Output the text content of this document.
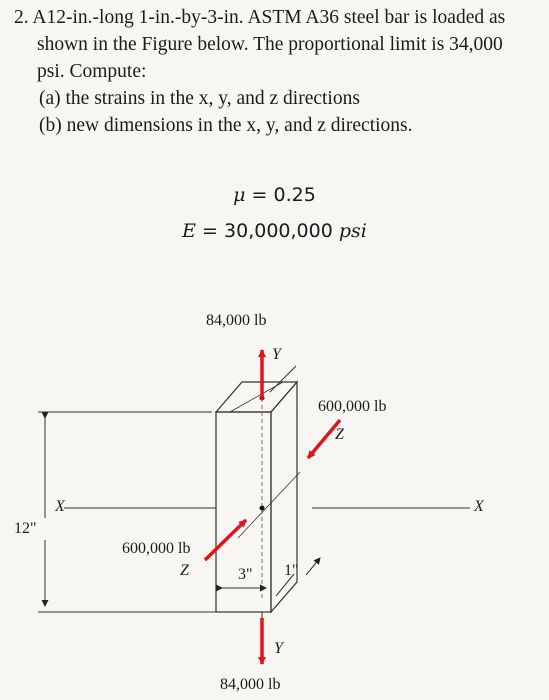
2. A12-in.-long 1-in.-by-3-in. ASTM A36 steel bar is loaded as
shown in the Figure below. The proportional limit is 34,000
psi. Compute:
(a) the strains in the x, y, and z directions
(b) new dimensions in the x, y, and z directions.
μ = 0.25
E = 30,000,000 psi
84,000 lb
Y
600,000 lb
Z
X	X
12"
600,000 lb
Z	3" 1"
Y
84,000 lb
